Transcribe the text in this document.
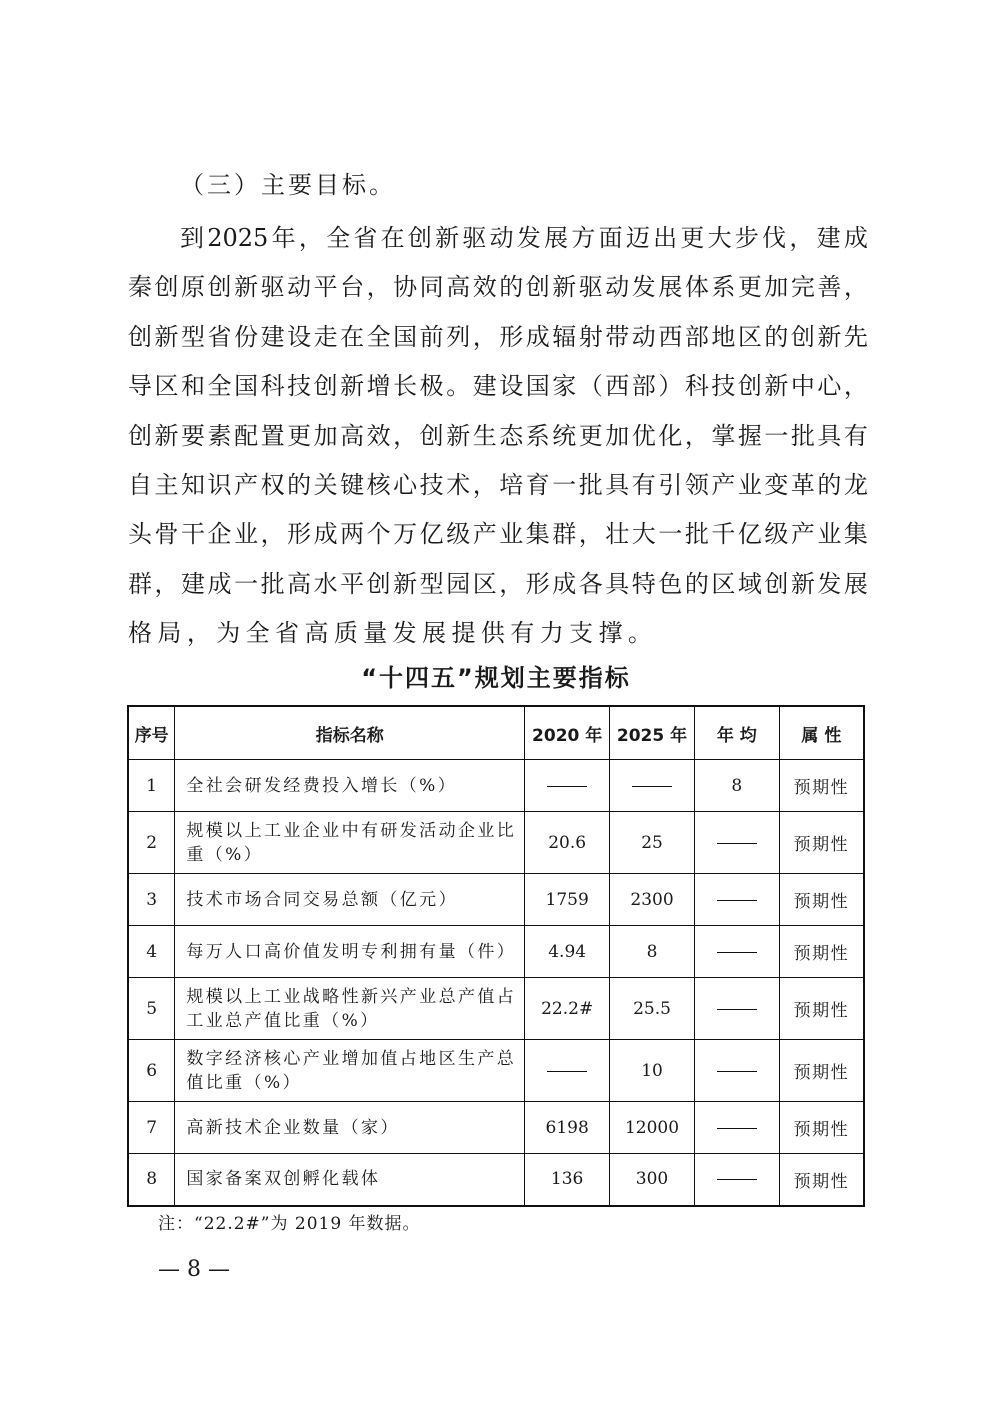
（三）主要目标。
到 2025 年 ， 全 省 在 创 新 驱 动 发 展 方 面 迈 出 更 大 步 伐 ， 建 成
秦 创 原 创 新 驱 动 平 台 ， 协 同 高 效 的 创 新 驱 动 发 展 体 系 更 加 完 善 ，
创 新 型 省 份 建 设 走 在 全 国 前 列 ， 形 成 辐 射 带 动 西 部 地 区 的 创 新 先
导 区 和 全 国 科 技 创 新 增 长 极 。 建 设 国 家 （ 西 部 ） 科 技 创 新 中 心 ，
创 新 要 素 配 置 更 加 高 效 ， 创 新 生 态 系 统 更 加 优 化 ， 掌 握 一 批 具 有
自 主 知 识 产 权 的 关 键 核 心 技 术 ， 培 育 一 批 具 有 引 领 产 业 变 革 的 龙
头 骨 干 企 业 ， 形 成 两 个 万 亿 级 产 业 集 群 ， 壮 大 一 批 千 亿 级 产 业 集
群 ， 建 成 一 批 高 水 平 创 新 型 园 区 ， 形 成 各 具 特 色 的 区 域 创 新 发 展
格 局 ， 为 全 省 高 质 量 发 展 提 供 有 力 支 撑 。
“十四五”规划主要指标
序号	指标名称	2020 年	2025 年	年 均	属 性
1	全社会研发经费投入增长（%）			8	预期性
2	规模以上工业企业中有研发活动企业比重（%）	20.6	25		预期性
3	技术市场合同交易总额（亿元）	1759	2300		预期性
4	每万人口高价值发明专利拥有量（件）	4.94	8		预期性
5	规模以上工业战略性新兴产业总产值占工业总产值比重（%）	22.2#	25.5		预期性
6	数字经济核心产业增加值占地区生产总值比重（%）		10		预期性
7	高新技术企业数量（家）	6198	12000		预期性
8	国家备案双创孵化载体	136	300		预期性
注：“22.2#”为 2019 年数据。
— 8 —
